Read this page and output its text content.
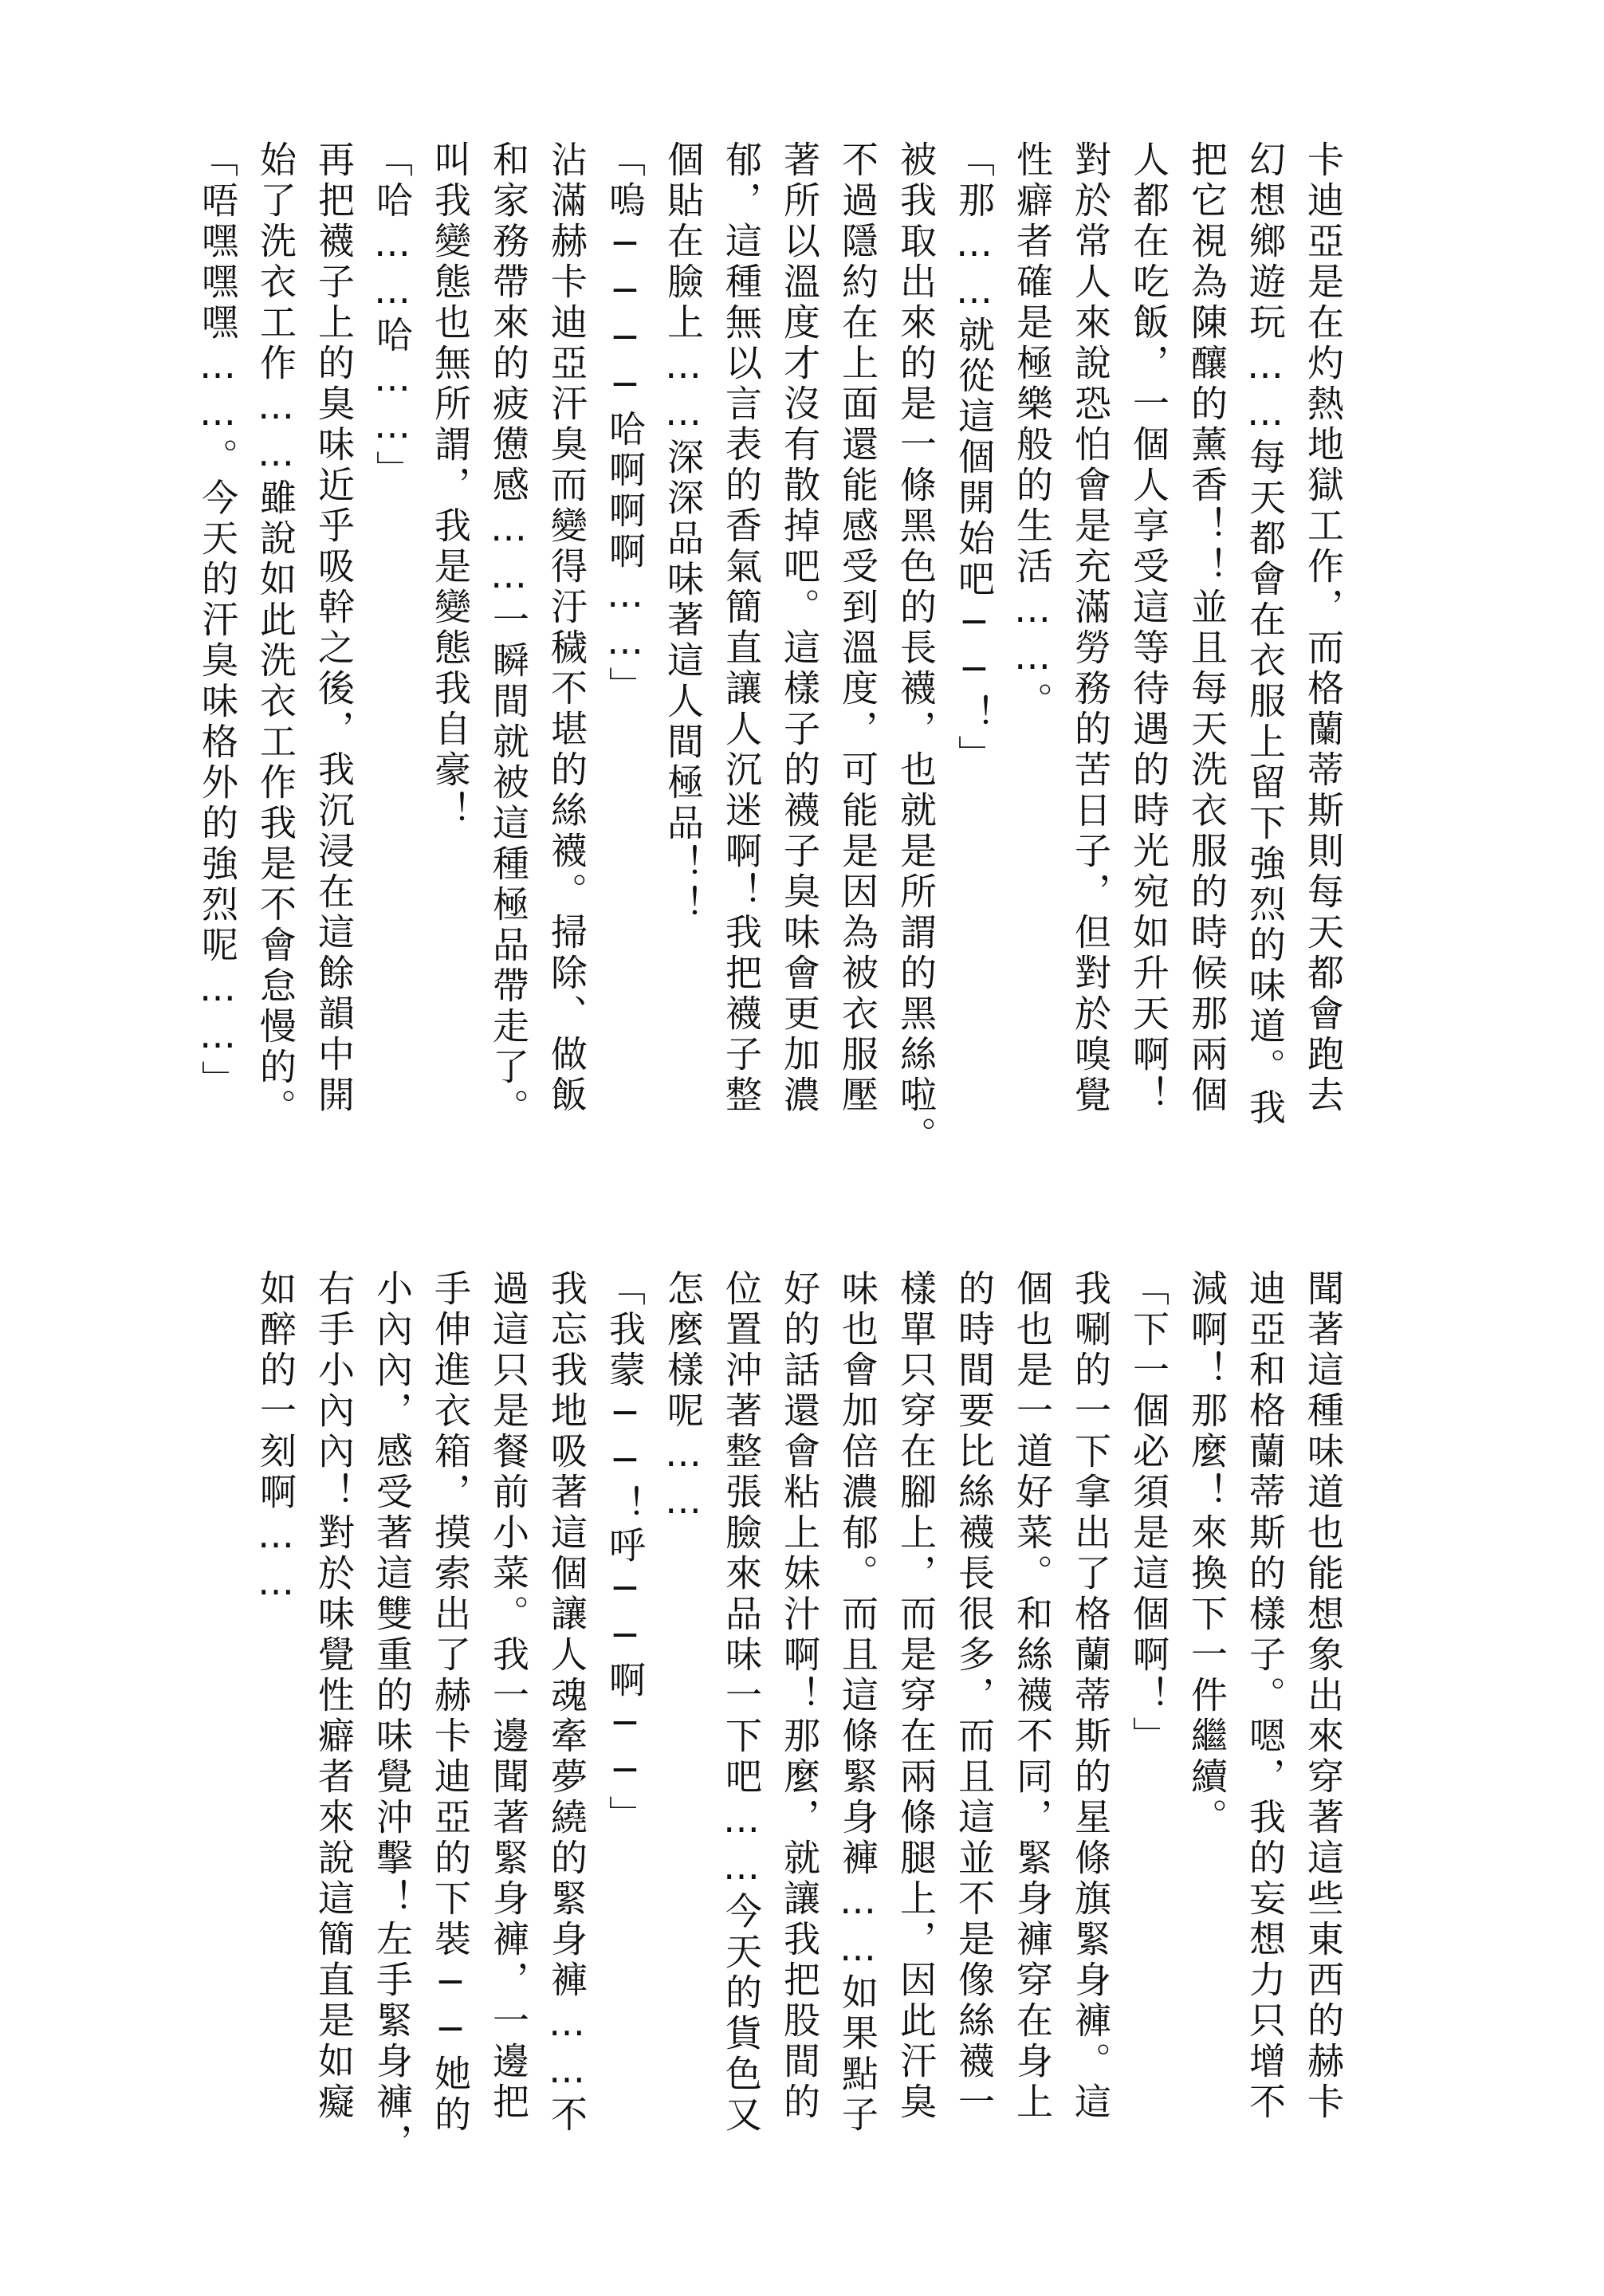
卡迪亞是在灼熱地獄工作，而格蘭蒂斯則每天都會跑去
幻想鄉遊玩……每天都會在衣服上留下強烈的味道。我
把它視為陳釀的薰香！！並且每天洗衣服的時候那兩個
人都在吃飯，一個人享受這等待遇的時光宛如升天啊！
對於常人來說恐怕會是充滿勞務的苦日子，但對於嗅覺
性癖者確是極樂般的生活……。
「那……就從這個開始吧──！」
被我取出來的是一條黑色的長襪，也就是所謂的黑絲啦。
不過隱約在上面還能感受到溫度，可能是因為被衣服壓
著所以溫度才沒有散掉吧。這樣子的襪子臭味會更加濃
郁，這種無以言表的香氣簡直讓人沉迷啊！我把襪子整
個貼在臉上……深深品味著這人間極品！！
「嗚────哈啊啊啊……」
沾滿赫卡迪亞汗臭而變得汙穢不堪的絲襪。掃除、做飯
和家務帶來的疲憊感……一瞬間就被這種極品帶走了。
叫我變態也無所謂，我是變態我自豪！
「哈……哈……」
再把襪子上的臭味近乎吸幹之後，我沉浸在這餘韻中開
始了洗衣工作……雖說如此洗衣工作我是不會怠慢的。
「唔嘿嘿嘿……。今天的汗臭味格外的強烈呢……」
聞著這種味道也能想象出來穿著這些東西的赫卡
迪亞和格蘭蒂斯的樣子。嗯，我的妄想力只增不
減啊！那麼！來換下一件繼續。
「下一個必須是這個啊！」
我唰的一下拿出了格蘭蒂斯的星條旗緊身褲。這
個也是一道好菜。和絲襪不同，緊身褲穿在身上
的時間要比絲襪長很多，而且這並不是像絲襪一
樣單只穿在腳上，而是穿在兩條腿上，因此汗臭
味也會加倍濃郁。而且這條緊身褲……如果點子
好的話還會粘上妹汁啊！那麼，就讓我把股間的
位置沖著整張臉來品味一下吧……今天的貨色又
怎麼樣呢……
「我蒙──！呼──啊──」
我忘我地吸著這個讓人魂牽夢繞的緊身褲……不
過這只是餐前小菜。我一邊聞著緊身褲，一邊把
手伸進衣箱，摸索出了赫卡迪亞的下裝──她的
小內內，感受著這雙重的味覺沖擊！左手緊身褲，
右手小內內！對於味覺性癖者來說這簡直是如癡
如醉的一刻啊……
